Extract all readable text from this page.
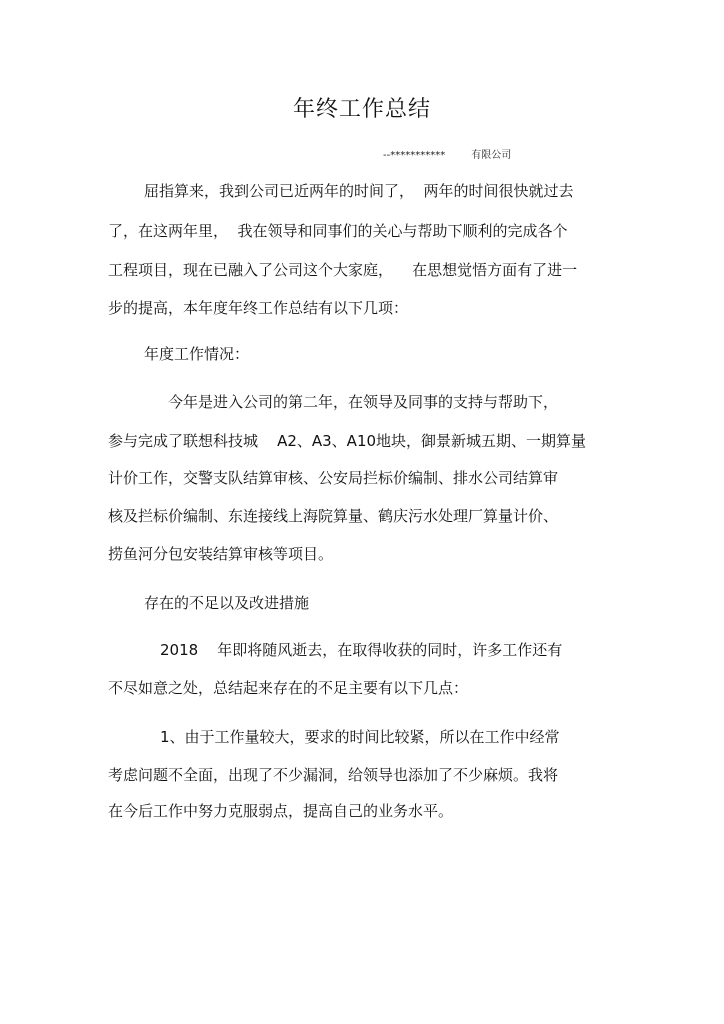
年终工作总结
--***********	有限公司
屈指算来，我到公司已近两年的时间了，  两年的时间很快就过去
了，在这两年里，  我在领导和同事们的关心与帮助下顺利的完成各个
工程项目，现在已融入了公司这个大家庭，    在思想觉悟方面有了进一
步的提高，本年度年终工作总结有以下几项：
年度工作情况：
今年是进入公司的第二年，在领导及同事的支持与帮助下，
参与完成了联想科技城    A2、A3、A10地块，御景新城五期、一期算量
计价工作，交警支队结算审核、公安局拦标价编制、排水公司结算审
核及拦标价编制、东连接线上海院算量、鹤庆污水处理厂算量计价、
捞鱼河分包安装结算审核等项目。
存在的不足以及改进措施
2018    年即将随风逝去，在取得收获的同时，许多工作还有
不尽如意之处，总结起来存在的不足主要有以下几点：
1、由于工作量较大，要求的时间比较紧，所以在工作中经常
考虑问题不全面，出现了不少漏洞，给领导也添加了不少麻烦。我将
在今后工作中努力克服弱点，提高自己的业务水平。
